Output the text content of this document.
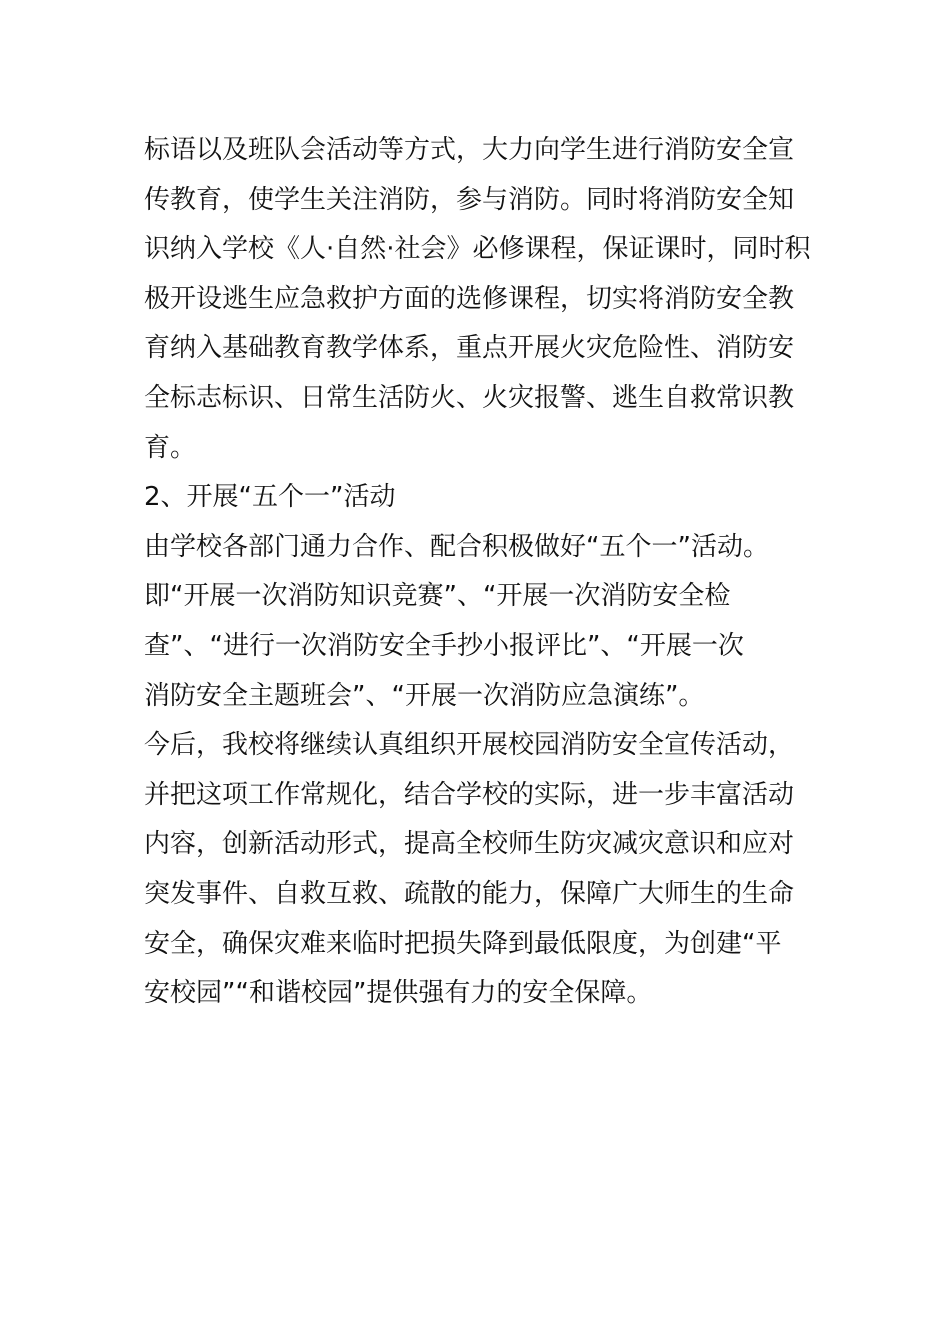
标语以及班队会活动等方式，大力向学生进行消防安全宣
传教育，使学生关注消防，参与消防。同时将消防安全知
识纳入学校《人·自然·社会》必修课程，保证课时，同时积
极开设逃生应急救护方面的选修课程，切实将消防安全教
育纳入基础教育教学体系，重点开展火灾危险性、消防安
全标志标识、日常生活防火、火灾报警、逃生自救常识教
育。
2、开展“五个一”活动
由学校各部门通力合作、配合积极做好“五个一”活动。
即“开展一次消防知识竞赛”、“开展一次消防安全检
查”、“进行一次消防安全手抄小报评比”、“开展一次
消防安全主题班会”、“开展一次消防应急演练”。
今后，我校将继续认真组织开展校园消防安全宣传活动，
并把这项工作常规化，结合学校的实际，进一步丰富活动
内容，创新活动形式，提高全校师生防灾减灾意识和应对
突发事件、自救互救、疏散的能力，保障广大师生的生命
安全，确保灾难来临时把损失降到最低限度，为创建“平
安校园”“和谐校园”提供强有力的安全保障。
